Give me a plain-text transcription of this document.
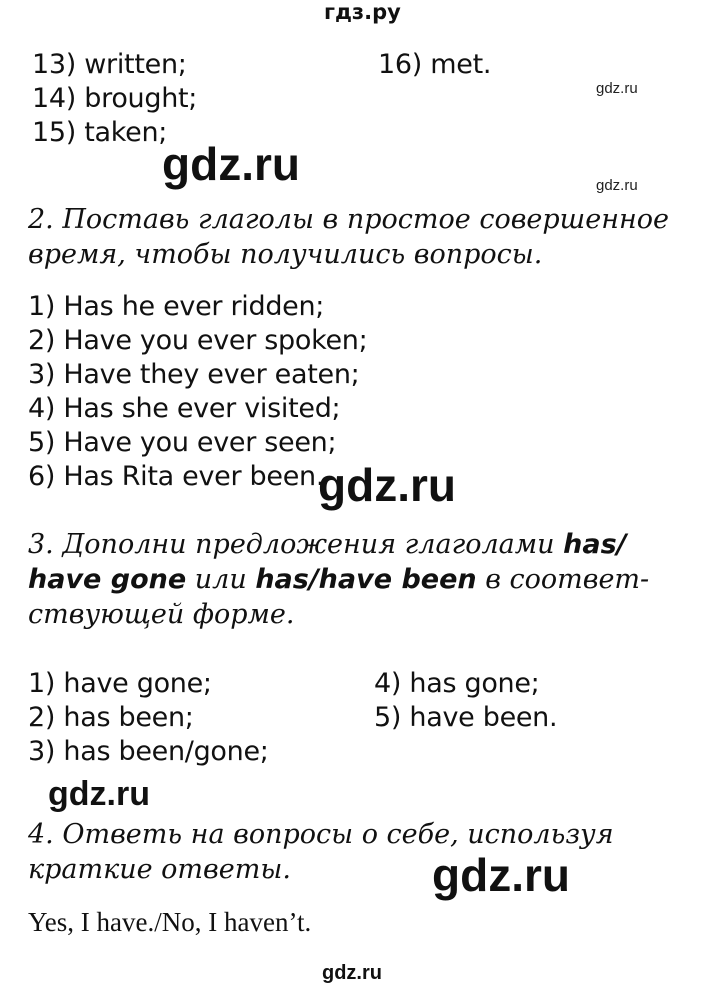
гдз.ру
13) written;
14) brought;
15) taken;
16) met.
gdz.ru
gdz.ru	gdz.ru
2. Поставь глаголы в простое совершенное
время, чтобы получились вопросы.
1) Has he ever ridden;
2) Have you ever spoken;
3) Have they ever eaten;
4) Has she ever visited;
5) Have you ever seen;
6) Has Rita ever been.
gdz.ru
3. Дополни предложения глаголами has/
have gone или has/have been в соответ-
ствующей форме.
1) have gone;
2) has been;
3) has been/gone;
4) has gone;
5) have been.
gdz.ru
4. Ответь на вопросы о себе, используя
краткие ответы.	gdz.ru
Yes, I have./No, I haven’t.
gdz.ru
